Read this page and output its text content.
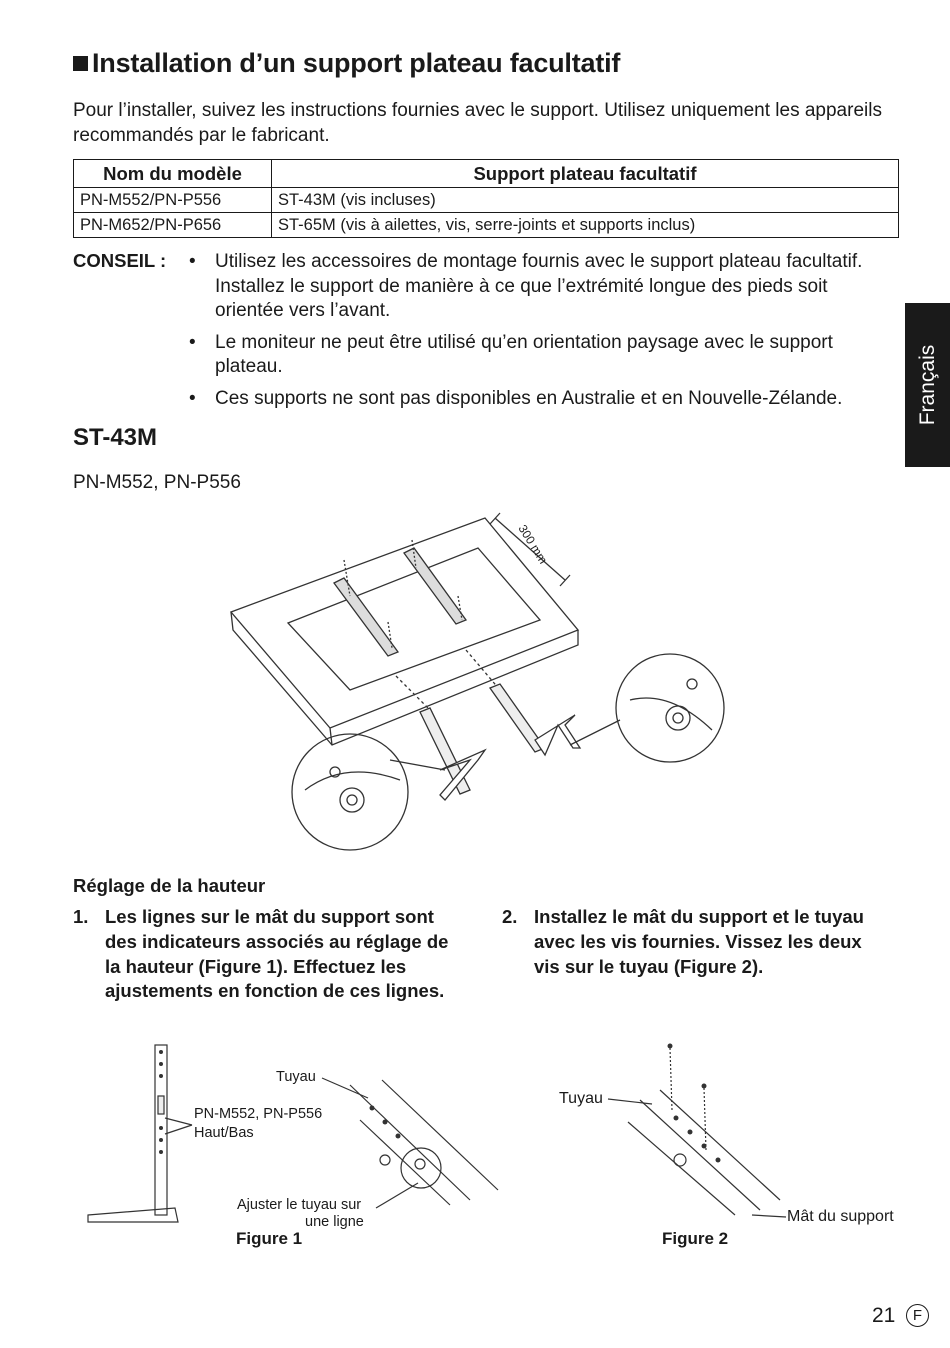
Installation d’un support plateau facultatif
Pour l’installer, suivez les instructions fournies avec le support. Utilisez uniquement les appareils recommandés par le fabricant.
Nom du modèle	Support plateau facultatif
PN-M552/PN-P556	ST-43M (vis incluses)
PN-M652/PN-P656	ST-65M (vis à ailettes, vis, serre-joints et supports inclus)
CONSEIL : • Utilisez les accessoires de montage fournis avec le support plateau facultatif. Installez le support de manière à ce que l’extrémité longue des pieds soit orientée vers l’avant.
• Le moniteur ne peut être utilisé qu’en orientation paysage avec le support plateau.
• Ces supports ne sont pas disponibles en Australie et en Nouvelle-Zélande.	Français
ST-43M
PN-M552, PN-P556
300 mm
Réglage de la hauteur
1. Les lignes sur le mât du support sont des indicateurs associés au réglage de la hauteur (Figure 1). Effectuez les ajustements en fonction de ces lignes.
2. Installez le mât du support et le tuyau avec les vis fournies. Vissez les deux vis sur le tuyau (Figure 2).
Tuyau
PN-M552, PN-P556
Haut/Bas
Ajuster le tuyau sur
une ligne
Figure 1
Tuyau
Mât du support
Figure 2
21	F
